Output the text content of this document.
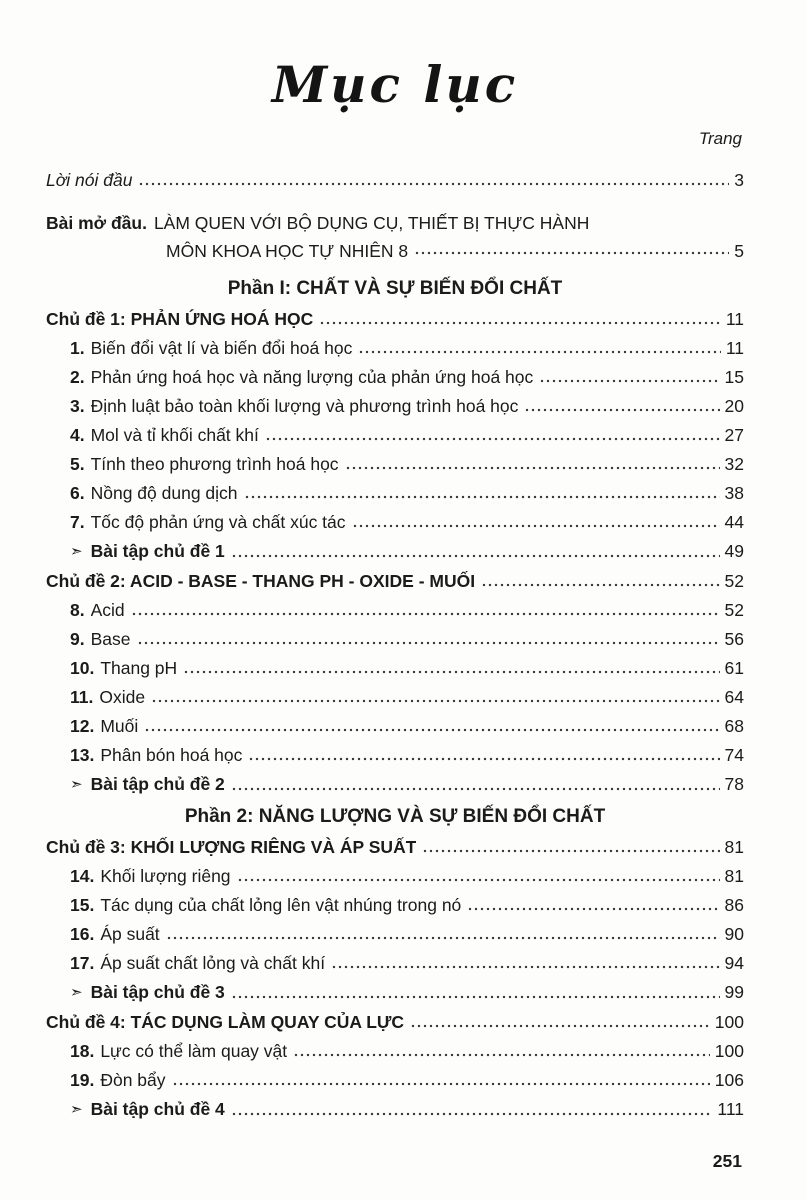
Mục lục
Trang
Lời nói đầu	3
Bài mở đầu. LÀM QUEN VỚI BỘ DỤNG CỤ, THIẾT BỊ THỰC HÀNH
MÔN KHOA HỌC TỰ NHIÊN 8	5
Phần I: CHẤT VÀ SỰ BIẾN ĐỔI CHẤT
Chủ đề 1: PHẢN ỨNG HOÁ HỌC	11
1. Biến đổi vật lí và biến đổi hoá học	11
2. Phản ứng hoá học và năng lượng của phản ứng hoá học	15
3. Định luật bảo toàn khối lượng và phương trình hoá học	20
4. Mol và tỉ khối chất khí	27
5. Tính theo phương trình hoá học	32
6. Nồng độ dung dịch	38
7. Tốc độ phản ứng và chất xúc tác	44
➣ Bài tập chủ đề 1	49
Chủ đề 2: ACID - BASE - THANG PH - OXIDE - MUỐI	52
8. Acid	52
9. Base	56
10. Thang pH	61
11. Oxide	64
12. Muối	68
13. Phân bón hoá học	74
➣ Bài tập chủ đề 2	78
Phần 2: NĂNG LƯỢNG VÀ SỰ BIẾN ĐỔI CHẤT
Chủ đề 3: KHỐI LƯỢNG RIÊNG VÀ ÁP SUẤT	81
14. Khối lượng riêng	81
15. Tác dụng của chất lỏng lên vật nhúng trong nó	86
16. Áp suất	90
17. Áp suất chất lỏng và chất khí	94
➣ Bài tập chủ đề 3	99
Chủ đề 4: TÁC DỤNG LÀM QUAY CỦA LỰC	100
18. Lực có thể làm quay vật	100
19. Đòn bẩy	106
➣ Bài tập chủ đề 4	111
251
